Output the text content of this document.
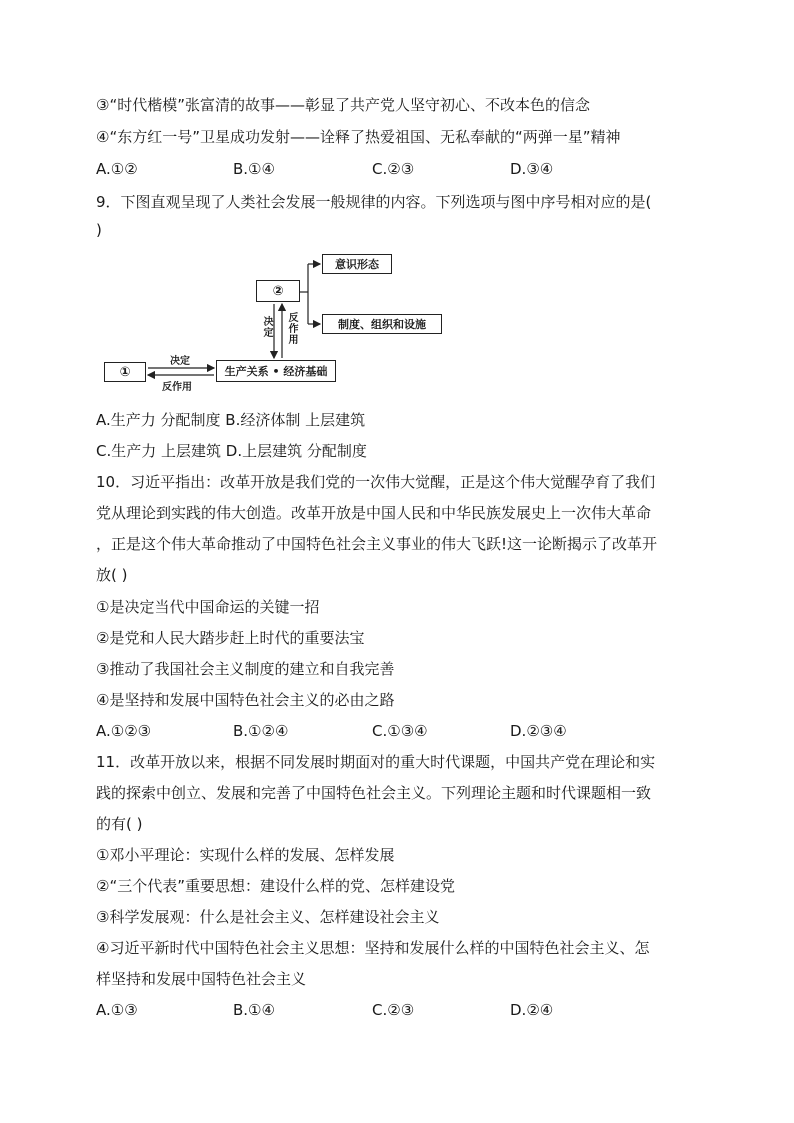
③“时代楷模”张富清的故事——彰显了共产党人坚守初心、不改本色的信念
④“东方红一号”卫星成功发射——诠释了热爱祖国、无私奉献的“两弹一星”精神
A.①②	B.①④	C.②③	D.③④
9．下图直观呈现了人类社会发展一般规律的内容。下列选项与图中序号相对应的是(
)
①
②
生产关系 • 经济基础
意识形态
制度、组织和设施
决定
反作用
决定 反作用
A.生产力 分配制度 B.经济体制 上层建筑
C.生产力 上层建筑 D.上层建筑 分配制度
10．习近平指出：改革开放是我们党的一次伟大觉醒，正是这个伟大觉醒孕育了我们
党从理论到实践的伟大创造。改革开放是中国人民和中华民族发展史上一次伟大革命
，正是这个伟大革命推动了中国特色社会主义事业的伟大飞跃!这一论断揭示了改革开
放( )
①是决定当代中国命运的关键一招
②是党和人民大踏步赶上时代的重要法宝
③推动了我国社会主义制度的建立和自我完善
④是坚持和发展中国特色社会主义的必由之路
A.①②③	B.①②④	C.①③④	D.②③④
11．改革开放以来，根据不同发展时期面对的重大时代课题，中国共产党在理论和实
践的探索中创立、发展和完善了中国特色社会主义。下列理论主题和时代课题相一致
的有( )
①邓小平理论：实现什么样的发展、怎样发展
②“三个代表”重要思想：建设什么样的党、怎样建设党
③科学发展观：什么是社会主义、怎样建设社会主义
④习近平新时代中国特色社会主义思想：坚持和发展什么样的中国特色社会主义、怎
样坚持和发展中国特色社会主义
A.①③	B.①④	C.②③	D.②④
